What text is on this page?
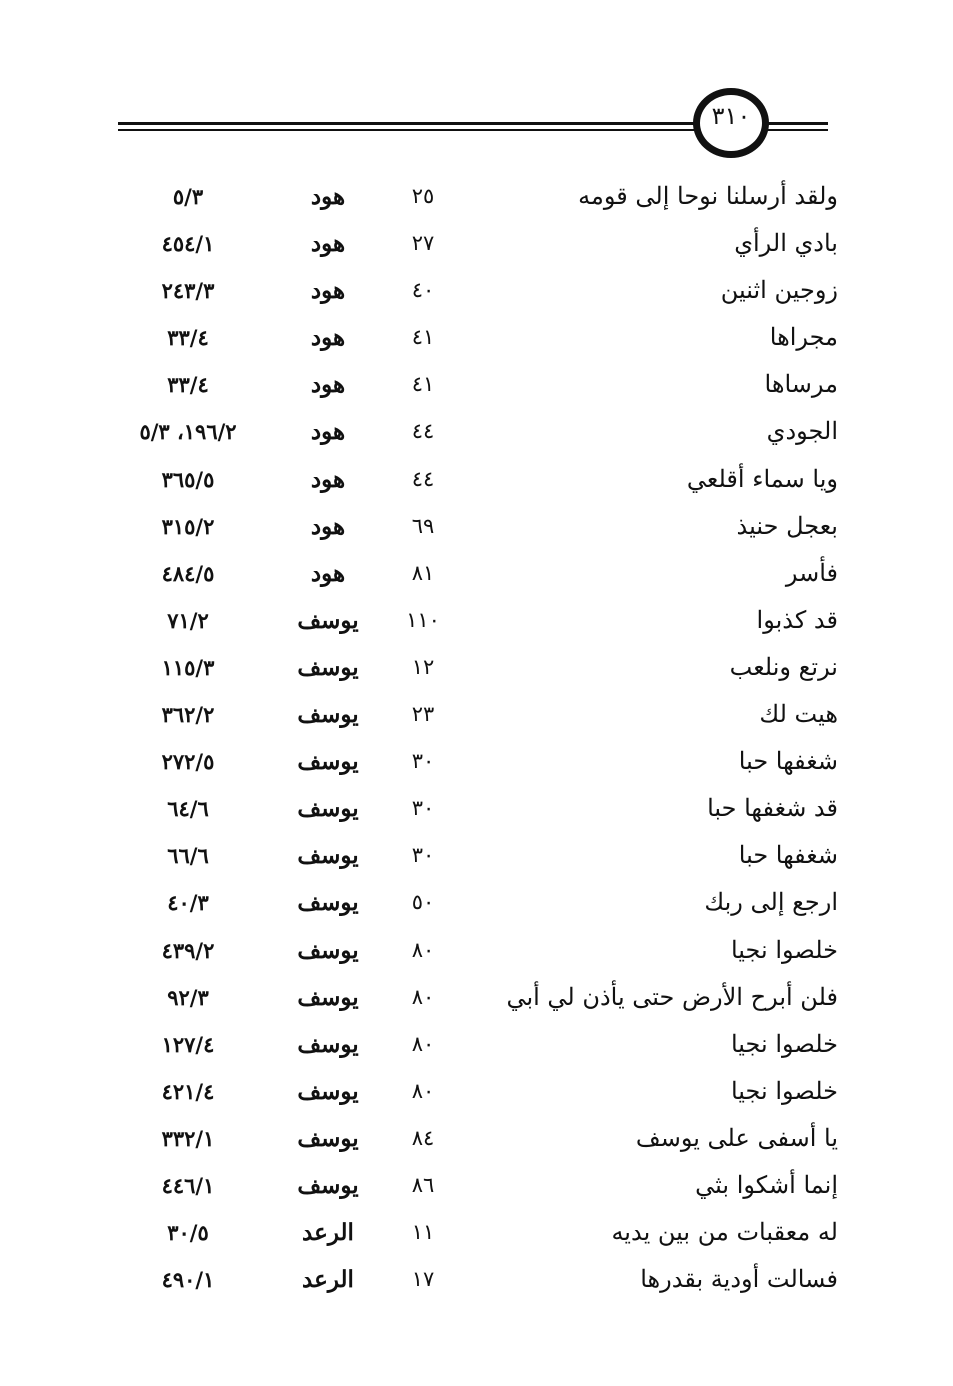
٣١٠
ولقد أرسلنا نوحا إلى قومه
٢٥
هود
٥/٣
بادي الرأي
٢٧
هود
٤٥٤/١
زوجين اثنين
٤٠
هود
٢٤٣/٣
مجراها
٤١
هود
٣٣/٤
مرساها
٤١
هود
٣٣/٤
الجودي
٤٤
هود
١٩٦/٢، ٥/٣
ويا سماء أقلعي
٤٤
هود
٣٦٥/٥
بعجل حنيذ
٦٩
هود
٣١٥/٢
فأسر
٨١
هود
٤٨٤/٥
قد كذبوا
١١٠
يوسف
٧١/٢
نرتع ونلعب
١٢
يوسف
١١٥/٣
هيت لك
٢٣
يوسف
٣٦٢/٢
شغفها حبا
٣٠
يوسف
٢٧٢/٥
قد شغفها حبا
٣٠
يوسف
٦٤/٦
شغفها حبا
٣٠
يوسف
٦٦/٦
ارجع إلى ربك
٥٠
يوسف
٤٠/٣
خلصوا نجيا
٨٠
يوسف
٤٣٩/٢
فلن أبرح الأرض حتى يأذن لي أبي
٨٠
يوسف
٩٢/٣
خلصوا نجيا
٨٠
يوسف
١٢٧/٤
خلصوا نجيا
٨٠
يوسف
٤٢١/٤
يا أسفى على يوسف
٨٤
يوسف
٣٣٢/١
إنما أشكوا بثي
٨٦
يوسف
٤٤٦/١
له معقبات من بين يديه
١١
الرعد
٣٠/٥
فسالت أودية بقدرها
١٧
الرعد
٤٩٠/١
